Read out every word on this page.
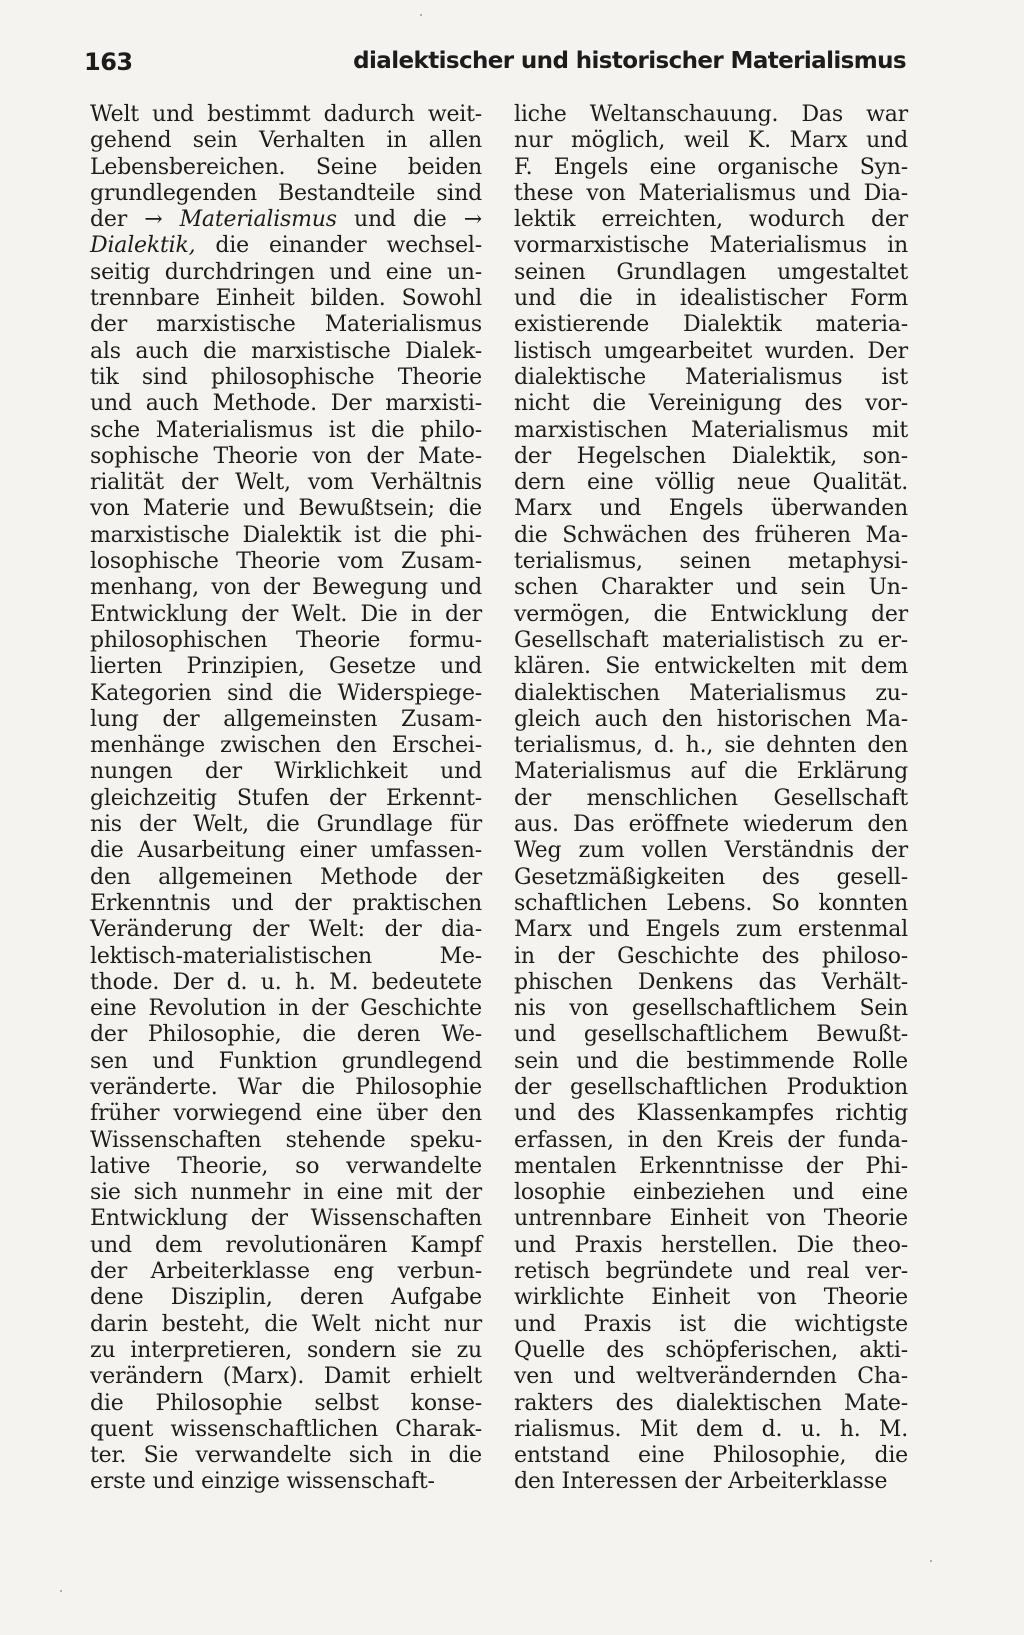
163	dialektischer und historischer Materialismus
Welt und bestimmt dadurch weit-
gehend sein Verhalten in allen
Lebensbereichen. Seine beiden
grundlegenden Bestandteile sind
der → Materialismus und die →
Dialektik, die einander wechsel-
seitig durchdringen und eine un-
trennbare Einheit bilden. Sowohl
der marxistische Materialismus
als auch die marxistische Dialek-
tik sind philosophische Theorie
und auch Methode. Der marxisti-
sche Materialismus ist die philo-
sophische Theorie von der Mate-
rialität der Welt, vom Verhältnis
von Materie und Bewußtsein; die
marxistische Dialektik ist die phi-
losophische Theorie vom Zusam-
menhang, von der Bewegung und
Entwicklung der Welt. Die in der
philosophischen Theorie formu-
lierten Prinzipien, Gesetze und
Kategorien sind die Widerspiege-
lung der allgemeinsten Zusam-
menhänge zwischen den Erschei-
nungen der Wirklichkeit und
gleichzeitig Stufen der Erkennt-
nis der Welt, die Grundlage für
die Ausarbeitung einer umfassen-
den allgemeinen Methode der
Erkenntnis und der praktischen
Veränderung der Welt: der dia-
lektisch-materialistischen Me-
thode. Der d. u. h. M. bedeutete
eine Revolution in der Geschichte
der Philosophie, die deren We-
sen und Funktion grundlegend
veränderte. War die Philosophie
früher vorwiegend eine über den
Wissenschaften stehende speku-
lative Theorie, so verwandelte
sie sich nunmehr in eine mit der
Entwicklung der Wissenschaften
und dem revolutionären Kampf
der Arbeiterklasse eng verbun-
dene Disziplin, deren Aufgabe
darin besteht, die Welt nicht nur
zu interpretieren, sondern sie zu
verändern (Marx). Damit erhielt
die Philosophie selbst konse-
quent wissenschaftlichen Charak-
ter. Sie verwandelte sich in die
erste und einzige wissenschaft-
liche Weltanschauung. Das war
nur möglich, weil K. Marx und
F. Engels eine organische Syn-
these von Materialismus und Dia-
lektik erreichten, wodurch der
vormarxistische Materialismus in
seinen Grundlagen umgestaltet
und die in idealistischer Form
existierende Dialektik materia-
listisch umgearbeitet wurden. Der
dialektische Materialismus ist
nicht die Vereinigung des vor-
marxistischen Materialismus mit
der Hegelschen Dialektik, son-
dern eine völlig neue Qualität.
Marx und Engels überwanden
die Schwächen des früheren Ma-
terialismus, seinen metaphysi-
schen Charakter und sein Un-
vermögen, die Entwicklung der
Gesellschaft materialistisch zu er-
klären. Sie entwickelten mit dem
dialektischen Materialismus zu-
gleich auch den historischen Ma-
terialismus, d. h., sie dehnten den
Materialismus auf die Erklärung
der menschlichen Gesellschaft
aus. Das eröffnete wiederum den
Weg zum vollen Verständnis der
Gesetzmäßigkeiten des gesell-
schaftlichen Lebens. So konnten
Marx und Engels zum erstenmal
in der Geschichte des philoso-
phischen Denkens das Verhält-
nis von gesellschaftlichem Sein
und gesellschaftlichem Bewußt-
sein und die bestimmende Rolle
der gesellschaftlichen Produktion
und des Klassenkampfes richtig
erfassen, in den Kreis der funda-
mentalen Erkenntnisse der Phi-
losophie einbeziehen und eine
untrennbare Einheit von Theorie
und Praxis herstellen. Die theo-
retisch begründete und real ver-
wirklichte Einheit von Theorie
und Praxis ist die wichtigste
Quelle des schöpferischen, akti-
ven und weltverändernden Cha-
rakters des dialektischen Mate-
rialismus. Mit dem d. u. h. M.
entstand eine Philosophie, die
den Interessen der Arbeiterklasse
